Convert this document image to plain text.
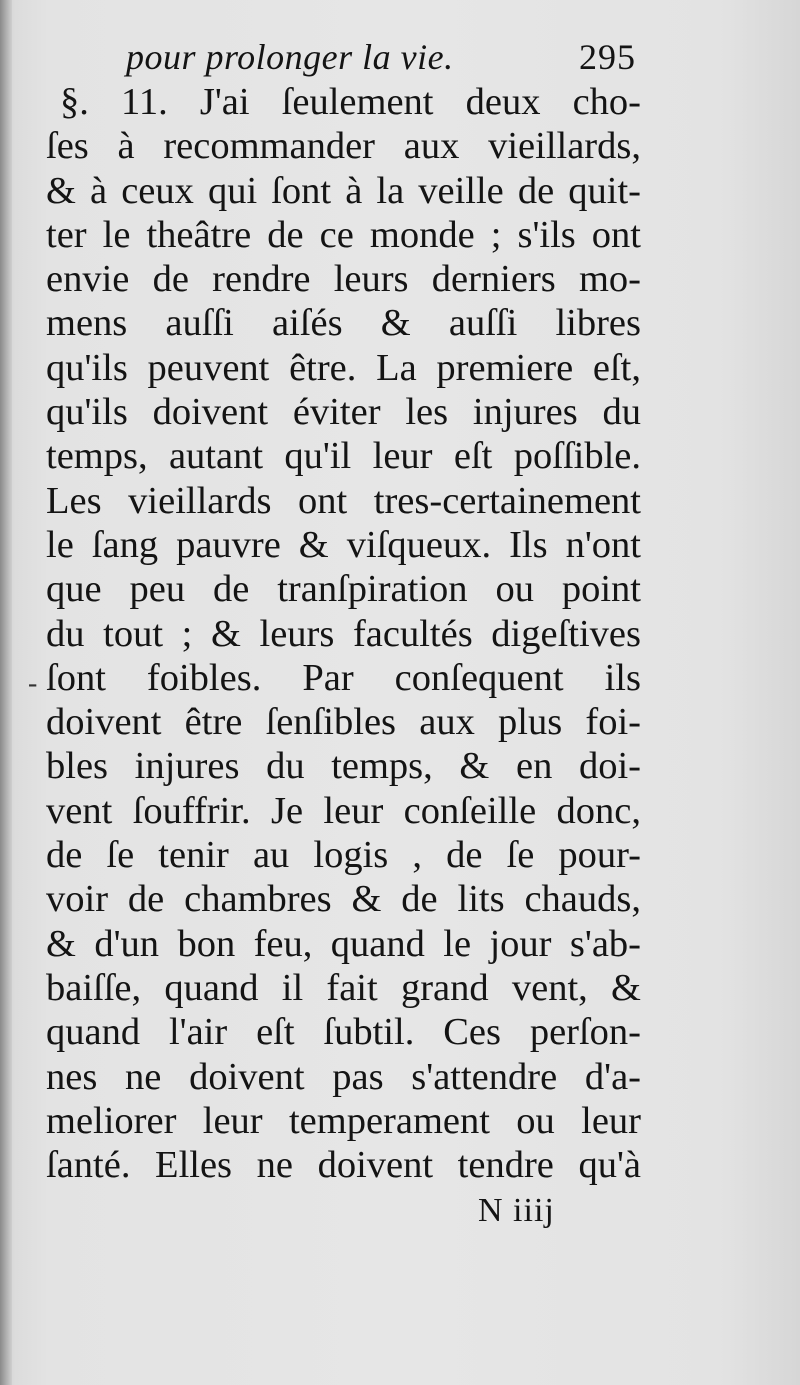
pour prolonger la vie.	295
-
§. 11. J'ai ſeulement deux cho-
ſes à recommander aux vieillards,
& à ceux qui ſont à la veille de quit-
ter le theâtre de ce monde ; s'ils ont
envie de rendre leurs derniers mo-
mens auſſi aiſés & auſſi libres
qu'ils peuvent être. La premiere eſt,
qu'ils doivent éviter les injures du
temps, autant qu'il leur eſt poſſible.
Les vieillards ont tres-certainement
le ſang pauvre & viſqueux. Ils n'ont
que peu de tranſpiration ou point
du tout ; & leurs facultés digeſtives
ſont foibles. Par conſequent ils
doivent être ſenſibles aux plus foi-
bles injures du temps, & en doi-
vent ſouffrir. Je leur conſeille donc,
de ſe tenir au logis , de ſe pour-
voir de chambres & de lits chauds,
& d'un bon feu, quand le jour s'ab-
baiſſe, quand il fait grand vent, &
quand l'air eſt ſubtil. Ces perſon-
nes ne doivent pas s'attendre d'a-
meliorer leur temperament ou leur
ſanté. Elles ne doivent tendre qu'à
N iiij
